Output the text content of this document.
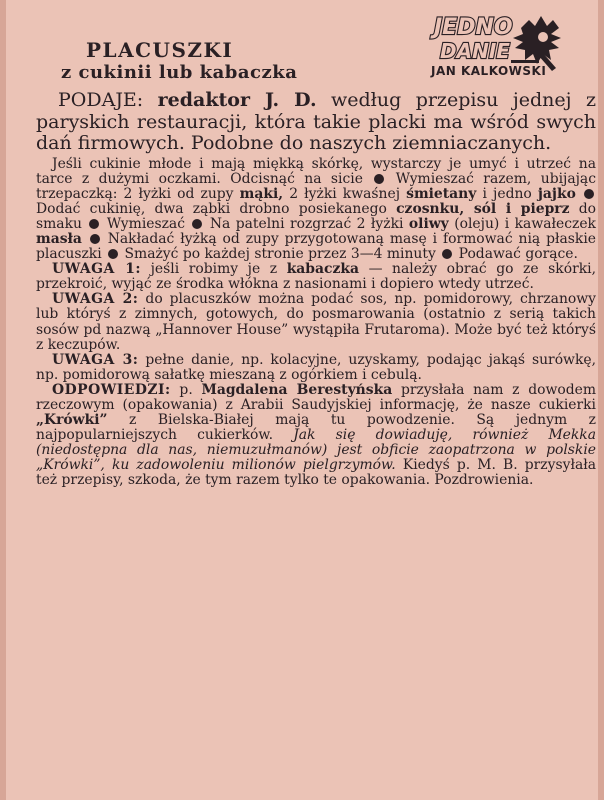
PLACUSZKI
z cukinii lub kabaczka
JEDNO
DANIE
JAN KALKOWSKI

PODAJE: redaktor J. D. według przepisu jednej z paryskich restauracji, która takie placki ma wśród swych dań firmowych. Podobne do naszych ziemniaczanych.

Jeśli cukinie młode i mają miękką skórkę, wystarczy je umyć i utrzeć na tarce z dużymi oczkami. Odcisnąć na sicie Wymieszać razem, ubijając trzepaczką: 2 łyżki od zupy mąki, 2 łyżki kwaśnej śmietany i jedno jajko  Dodać cukinię, dwa ząbki drobno posiekanego czosnku, sól i pieprz do smaku Wymieszać Na patelni rozgrzać 2 łyżki oliwy (oleju) i kawałeczek masła Nakładać łyżką od zupy przygotowaną masę i formować nią płaskie placuszki Smażyć po każdej stronie przez 3—4 minuty Podawać gorące.

UWAGA 1: jeśli robimy je z kabaczka — należy obrać go ze skórki, przekroić, wyjąć ze środka włókna z nasionami i dopiero wtedy utrzeć.

UWAGA 2: do placuszków można podać sos, np. pomidorowy, chrzanowy lub któryś z zimnych, gotowych, do posmarowania (ostatnio z serią takich sosów pd nazwą „Hannover House” wystąpiła Frutaroma). Może być też któryś z keczupów.

UWAGA 3: pełne danie, np. kolacyjne, uzyskamy, podając jakąś surówkę, np. pomidorową sałatkę mieszaną z ogórkiem i cebulą.

ODPOWIEDZI: p. Magdalena Berestyńska przysłała nam z dowodem rzeczowym (opakowania) z Arabii Saudyjskiej informację, że nasze cukierki „Krówki” z Bielska-Białej mają tu powodzenie. Są jednym z najpopularniejszych cukierków. Jak się dowiaduję, również Mekka (niedostępna dla nas, niemuzułmanów) jest obficie zaopatrzona w polskie „Krówki”, ku zadowoleniu milionów pielgrzymów. Kiedyś p. M. B. przysyłała też przepisy, szkoda, że tym razem tylko te opakowania. Pozdrowienia.
